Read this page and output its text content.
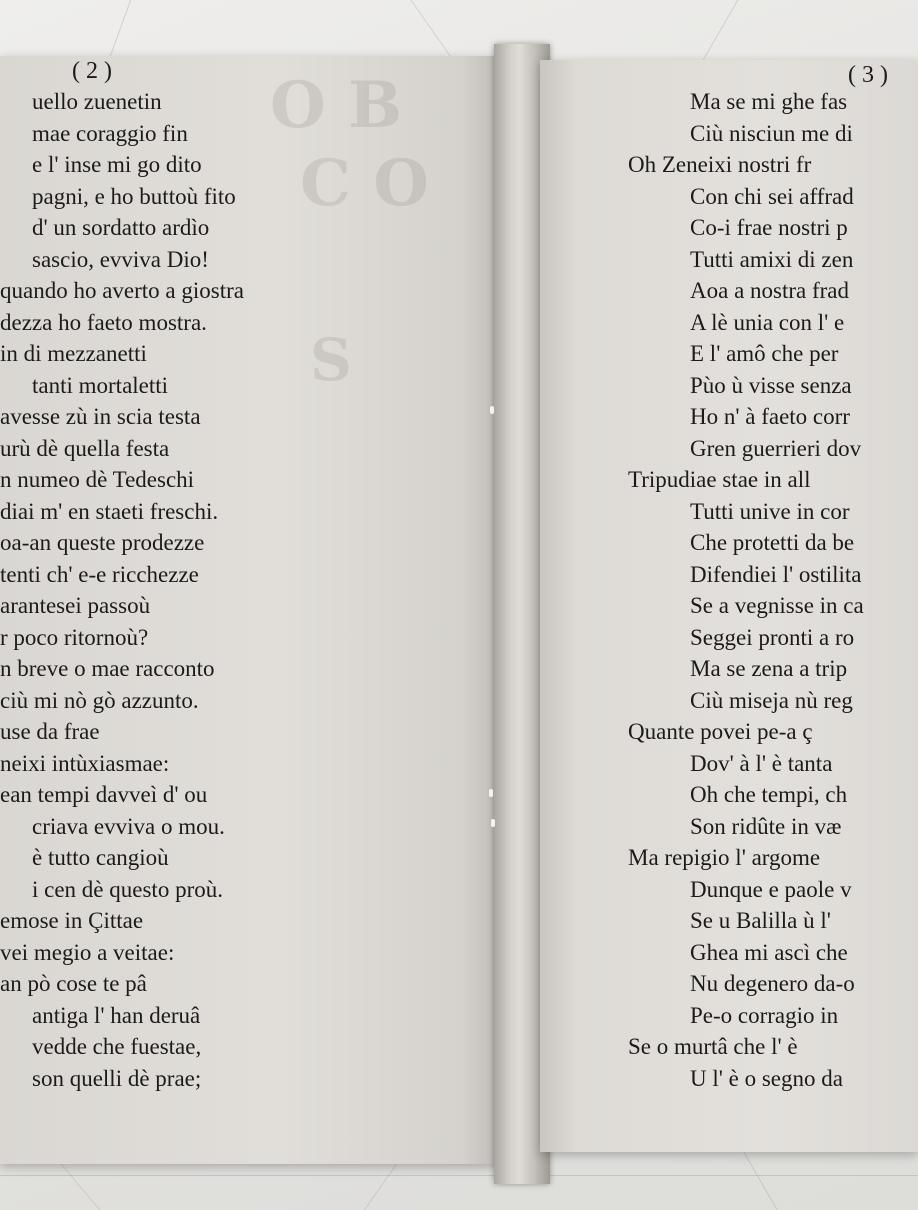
O B
C O
S
( 2 )
uello zuenetin
mae coraggio fin
e l' inse mi go dito
pagni, e ho buttoù fito
d' un sordatto ardìo
sascio, evviva Dio!
quando ho averto a giostra
dezza ho faeto mostra.
in di mezzanetti
tanti mortaletti
avesse zù in scia testa
urù dè quella festa
n numeo dè Tedeschi
diai m' en staeti freschi.
oa-an queste prodezze
tenti ch' e-e ricchezze
arantesei passoù
r poco ritornoù?
n breve o mae racconto
ciù mi nò gò azzunto.
use da frae
neixi intùxiasmae:
ean tempi davveì d' ou
criava evviva o mou.
è tutto cangioù
i cen dè questo proù.
emose in Çittae
vei megio a veitae:
an pò cose te pâ
antiga l' han deruâ
vedde che fuestae,
son quelli dè prae;
( 3 )
Ma se mi ghe fas
Ciù nisciun me di
Oh Zeneixi nostri fr
Con chi sei affrad
Co-i frae nostri p
Tutti amixi di zen
Aoa a nostra frad
A lè unia con l' e
E l' amô che per
Pùo ù visse senza
Ho n' à faeto corr
Gren guerrieri dov
Tripudiae stae in all
Tutti unive in cor
Che protetti da be
Difendiei l' ostilita
Se a vegnisse in ca
Seggei pronti a ro
Ma se zena a trip
Ciù miseja nù reg
Quante povei pe-a ç
Dov' à l' è tanta
Oh che tempi, ch
Son ridûte in væ
Ma repigio l' argome
Dunque e paole v
Se u Balilla ù l'
Ghea mi ascì che
Nu degenero da-o
Pe-o corragio in
Se o murtâ che l' è
U l' è o segno da
